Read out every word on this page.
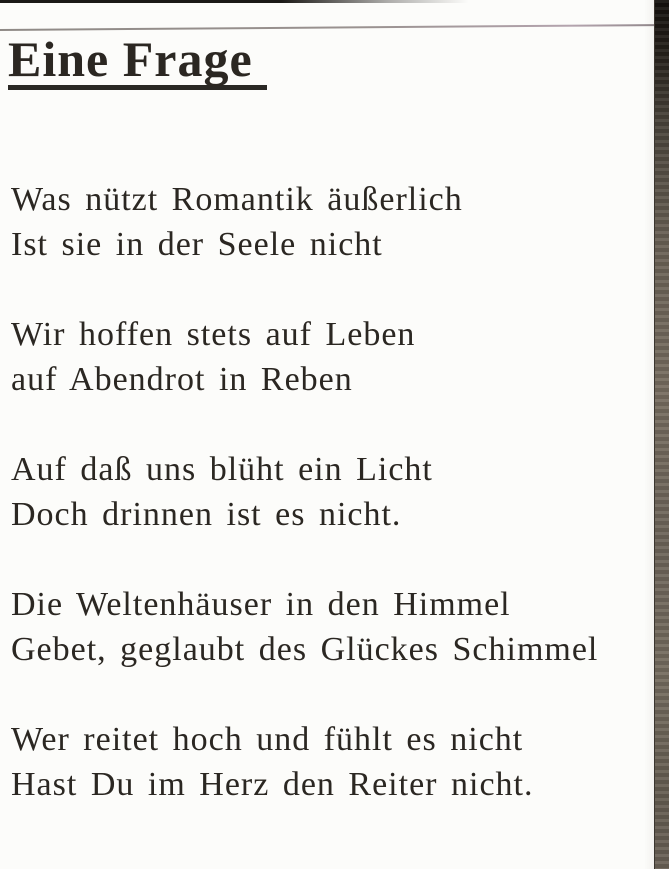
Eine Frage

Was nützt Romantik äußerlich

Ist sie in der Seele nicht

Wir hoffen stets auf Leben

auf Abendrot in Reben

Auf daß uns blüht ein Licht

Doch drinnen ist es nicht.

Die Weltenhäuser in den Himmel

Gebet, geglaubt des Glückes Schimmel

Wer reitet hoch und fühlt es nicht

Hast Du im Herz den Reiter nicht.
